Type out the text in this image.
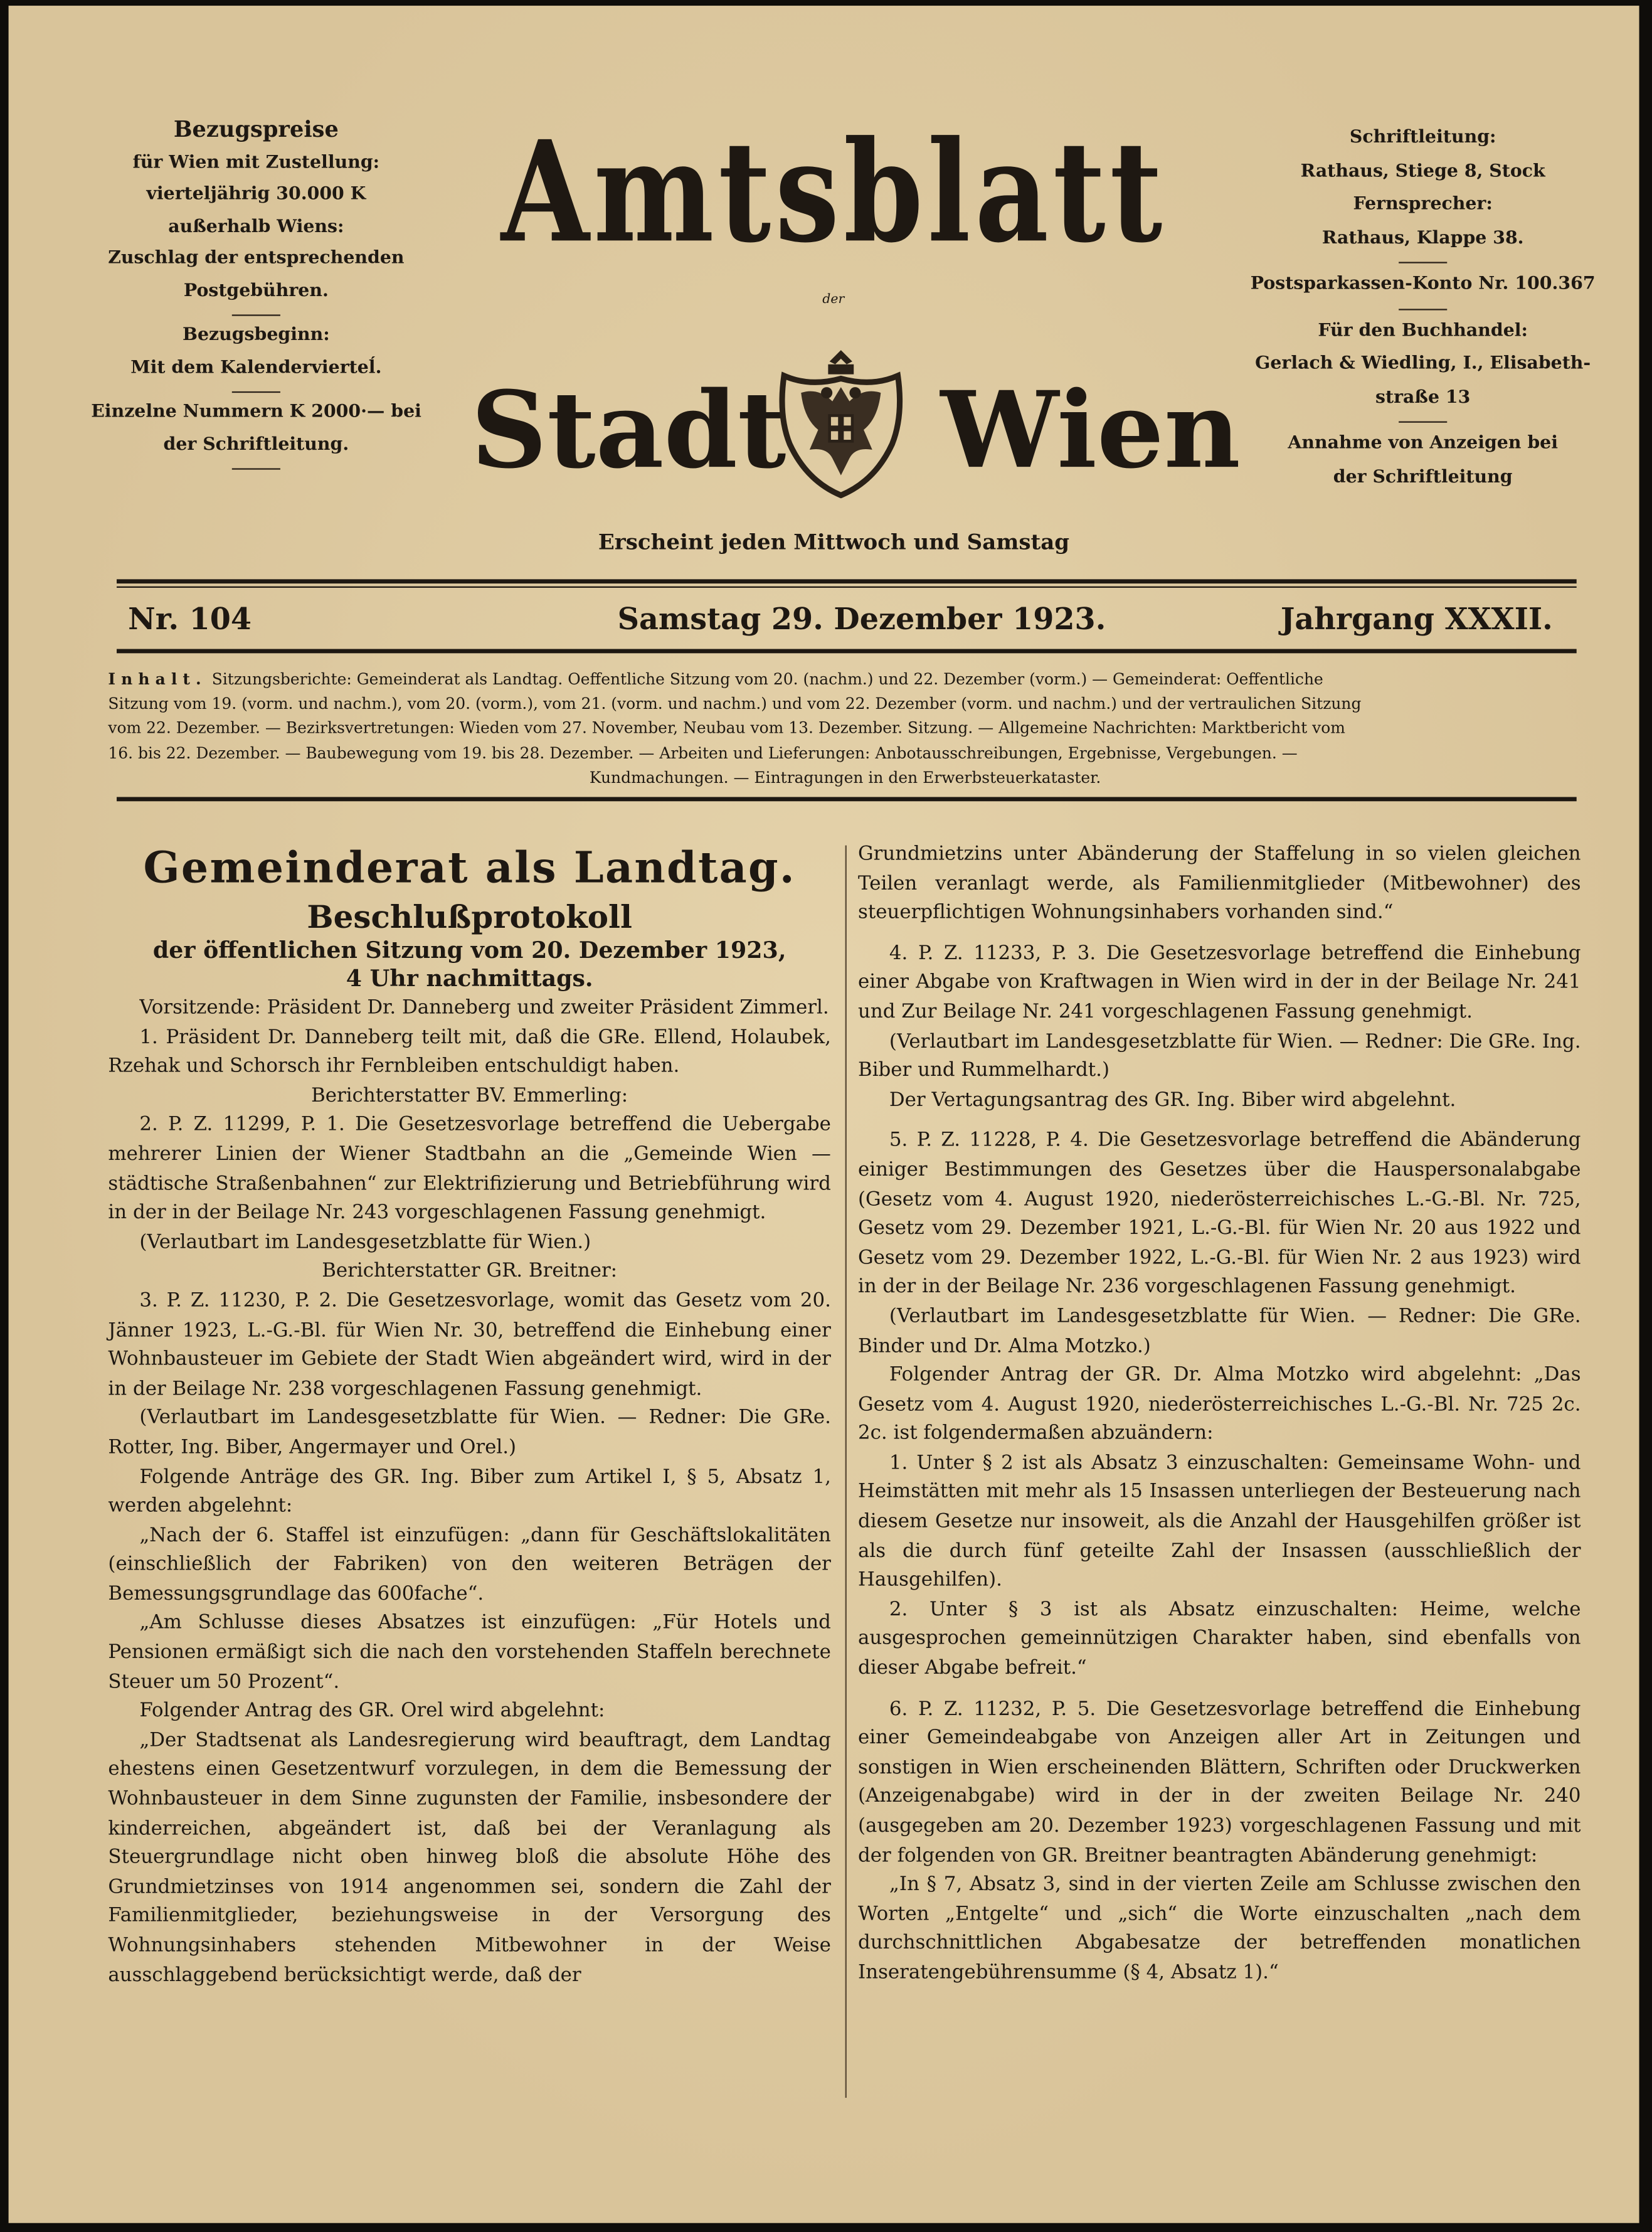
Bezugspreise
für Wien mit Zustellung:
vierteljährig 30.000 K
außerhalb Wiens:
Zuschlag der entsprechenden
Postgebühren.
Bezugsbeginn:
Mit dem Kalendervierteĺ.
Einzelne Nummern K 2000·— bei
der Schriftleitung.
Amtsblatt
der
Stadt	Wien
Erscheint jeden Mittwoch und Samstag
Schriftleitung:
Rathaus, Stiege 8, Stock
Fernsprecher:
Rathaus, Klappe 38.
Postsparkassen-Konto Nr. 100.367
Für den Buchhandel:
Gerlach & Wiedling, I., Elisabeth-
straße 13
Annahme von Anzeigen bei
der Schriftleitung
Nr. 104	Samstag 29. Dezember 1923.	Jahrgang XXXII.
Inhalt. Sitzungsberichte: Gemeinderat als Landtag. Oeffentliche Sitzung vom 20. (nachm.) und 22. Dezember (vorm.) — Gemeinderat: Oeffentliche
Sitzung vom 19. (vorm. und nachm.), vom 20. (vorm.), vom 21. (vorm. und nachm.) und vom 22. Dezember (vorm. und nachm.) und der vertraulichen Sitzung
vom 22. Dezember. — Bezirksvertretungen: Wieden vom 27. November, Neubau vom 13. Dezember. Sitzung. — Allgemeine Nachrichten: Marktbericht vom
16. bis 22. Dezember. — Baubewegung vom 19. bis 28. Dezember. — Arbeiten und Lieferungen: Anbotausschreibungen, Ergebnisse, Vergebungen. —
Kundmachungen. — Eintragungen in den Erwerbsteuerkataster.
Gemeinderat als Landtag.
Beschlußprotokoll
der öffentlichen Sitzung vom 20. Dezember 1923,
4 Uhr nachmittags.

Vorsitzende: Präsident Dr. Danneberg und zweiter Präsident Zimmerl.

1. Präsident Dr. Danneberg teilt mit, daß die GRe. Ellend, Holaubek, Rzehak und Schorsch ihr Fernbleiben entschuldigt haben.

Berichterstatter BV. Emmerling:

2. P. Z. 11299, P. 1. Die Gesetzesvorlage betreffend die Uebergabe mehrerer Linien der Wiener Stadtbahn an die „Gemeinde Wien — städtische Straßenbahnen“ zur Elektrifizierung und Betriebführung wird in der in der Beilage Nr. 243 vorgeschlagenen Fassung genehmigt.

(Verlautbart im Landesgesetzblatte für Wien.)

Berichterstatter GR. Breitner:

3. P. Z. 11230, P. 2. Die Gesetzesvorlage, womit das Gesetz vom 20. Jänner 1923, L.-G.-Bl. für Wien Nr. 30, betreffend die Einhebung einer Wohnbausteuer im Gebiete der Stadt Wien abgeändert wird, wird in der in der Beilage Nr. 238 vorgeschlagenen Fassung genehmigt.

(Verlautbart im Landesgesetzblatte für Wien. — Redner: Die GRe. Rotter, Ing. Biber, Angermayer und Orel.)

Folgende Anträge des GR. Ing. Biber zum Artikel I, § 5, Absatz 1, werden abgelehnt:

„Nach der 6. Staffel ist einzufügen: „dann für Geschäftslokalitäten (einschließlich der Fabriken) von den weiteren Beträgen der Bemessungsgrundlage das 600fache“.

„Am Schlusse dieses Absatzes ist einzufügen: „Für Hotels und Pensionen ermäßigt sich die nach den vorstehenden Staffeln berechnete Steuer um 50 Prozent“.

Folgender Antrag des GR. Orel wird abgelehnt:

„Der Stadtsenat als Landesregierung wird beauftragt, dem Landtag ehestens einen Gesetzentwurf vorzulegen, in dem die Bemessung der Wohnbausteuer in dem Sinne zugunsten der Familie, insbesondere der kinderreichen, abgeändert ist, daß bei der Veranlagung als Steuergrundlage nicht oben hinweg bloß die absolute Höhe des Grundmietzinses von 1914 angenommen sei, sondern die Zahl der Familienmitglieder, beziehungsweise in der Versorgung des Wohnungsinhabers stehenden Mitbewohner in der Weise ausschlaggebend berücksichtigt werde, daß der

Grundmietzins unter Abänderung der Staffelung in so vielen gleichen Teilen veranlagt werde, als Familienmitglieder (Mitbewohner) des steuerpflichtigen Wohnungsinhabers vorhanden sind.“

4. P. Z. 11233, P. 3. Die Gesetzesvorlage betreffend die Einhebung einer Abgabe von Kraftwagen in Wien wird in der in der Beilage Nr. 241 und Zur Beilage Nr. 241 vorgeschlagenen Fassung genehmigt.

(Verlautbart im Landesgesetzblatte für Wien. — Redner: Die GRe. Ing. Biber und Rummelhardt.)

Der Vertagungsantrag des GR. Ing. Biber wird abgelehnt.

5. P. Z. 11228, P. 4. Die Gesetzesvorlage betreffend die Abänderung einiger Bestimmungen des Gesetzes über die Hauspersonalabgabe (Gesetz vom 4. August 1920, niederösterreichisches L.-G.-Bl. Nr. 725, Gesetz vom 29. Dezember 1921, L.-G.-Bl. für Wien Nr. 20 aus 1922 und Gesetz vom 29. Dezember 1922, L.-G.-Bl. für Wien Nr. 2 aus 1923) wird in der in der Beilage Nr. 236 vorgeschlagenen Fassung genehmigt.

(Verlautbart im Landesgesetzblatte für Wien. — Redner: Die GRe. Binder und Dr. Alma Motzko.)

Folgender Antrag der GR. Dr. Alma Motzko wird abgelehnt: „Das Gesetz vom 4. August 1920, niederösterreichisches L.-G.-Bl. Nr. 725 2c. 2c. ist folgendermaßen abzuändern:

1. Unter § 2 ist als Absatz 3 einzuschalten: Gemeinsame Wohn- und Heimstätten mit mehr als 15 Insassen unterliegen der Besteuerung nach diesem Gesetze nur insoweit, als die Anzahl der Hausgehilfen größer ist als die durch fünf geteilte Zahl der Insassen (ausschließlich der Hausgehilfen).

2. Unter § 3 ist als Absatz einzuschalten: Heime, welche ausgesprochen gemeinnützigen Charakter haben, sind ebenfalls von dieser Abgabe befreit.“

6. P. Z. 11232, P. 5. Die Gesetzesvorlage betreffend die Einhebung einer Gemeindeabgabe von Anzeigen aller Art in Zeitungen und sonstigen in Wien erscheinenden Blättern, Schriften oder Druckwerken (Anzeigenabgabe) wird in der in der zweiten Beilage Nr. 240 (ausgegeben am 20. Dezember 1923) vorgeschlagenen Fassung und mit der folgenden von GR. Breitner beantragten Abänderung genehmigt:

„In § 7, Absatz 3, sind in der vierten Zeile am Schlusse zwischen den Worten „Entgelte“ und „sich“ die Worte einzuschalten „nach dem durchschnittlichen Abgabesatze der betreffenden monatlichen Inseratengebührensumme (§ 4, Absatz 1).“
